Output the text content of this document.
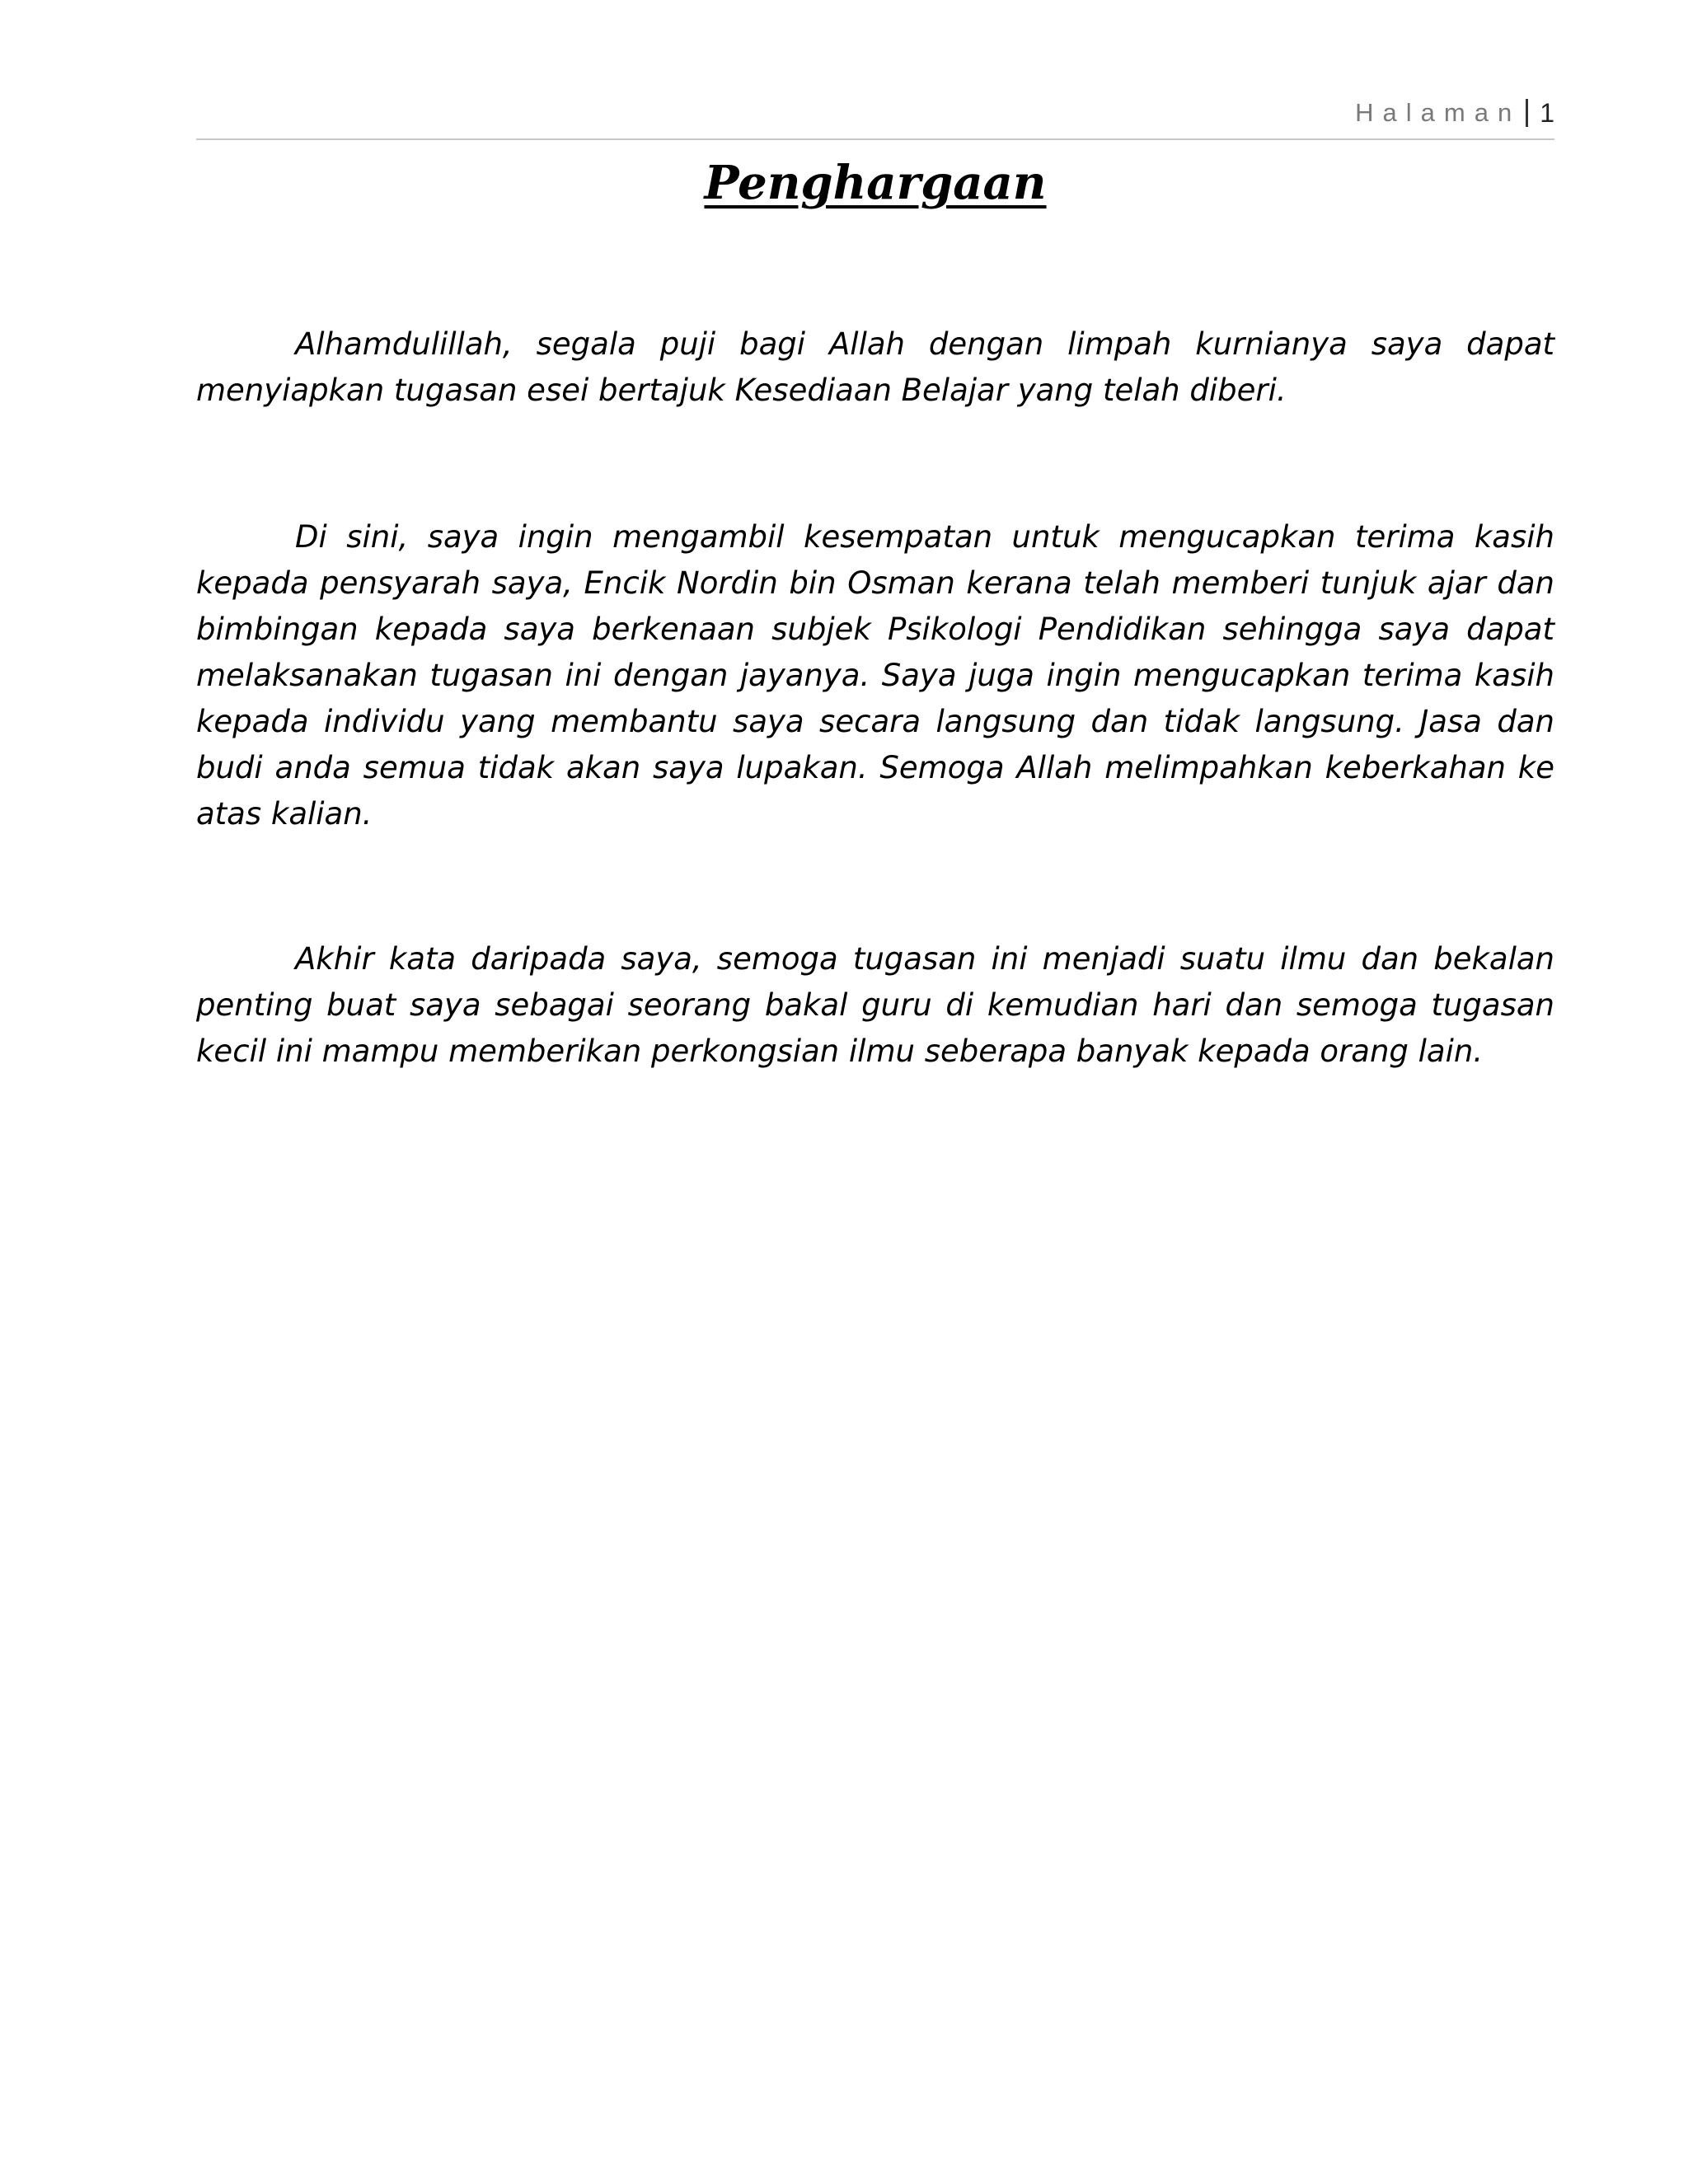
Halaman 1
Penghargaan

Alhamdulillah, segala puji bagi Allah dengan limpah kurnianya saya dapat menyiapkan tugasan esei bertajuk Kesediaan Belajar yang telah diberi.

Di sini, saya ingin mengambil kesempatan untuk mengucapkan terima kasih kepada pensyarah saya, Encik Nordin bin Osman kerana telah memberi tunjuk ajar dan bimbingan kepada saya berkenaan subjek Psikologi Pendidikan sehingga saya dapat melaksanakan tugasan ini dengan jayanya. Saya juga ingin mengucapkan terima kasih kepada individu yang membantu saya secara langsung dan tidak langsung. Jasa dan budi anda semua tidak akan saya lupakan. Semoga Allah melimpahkan keberkahan ke atas kalian.

Akhir kata daripada saya, semoga tugasan ini menjadi suatu ilmu dan bekalan penting buat saya sebagai seorang bakal guru di kemudian hari dan semoga tugasan kecil ini mampu memberikan perkongsian ilmu seberapa banyak kepada orang lain.
